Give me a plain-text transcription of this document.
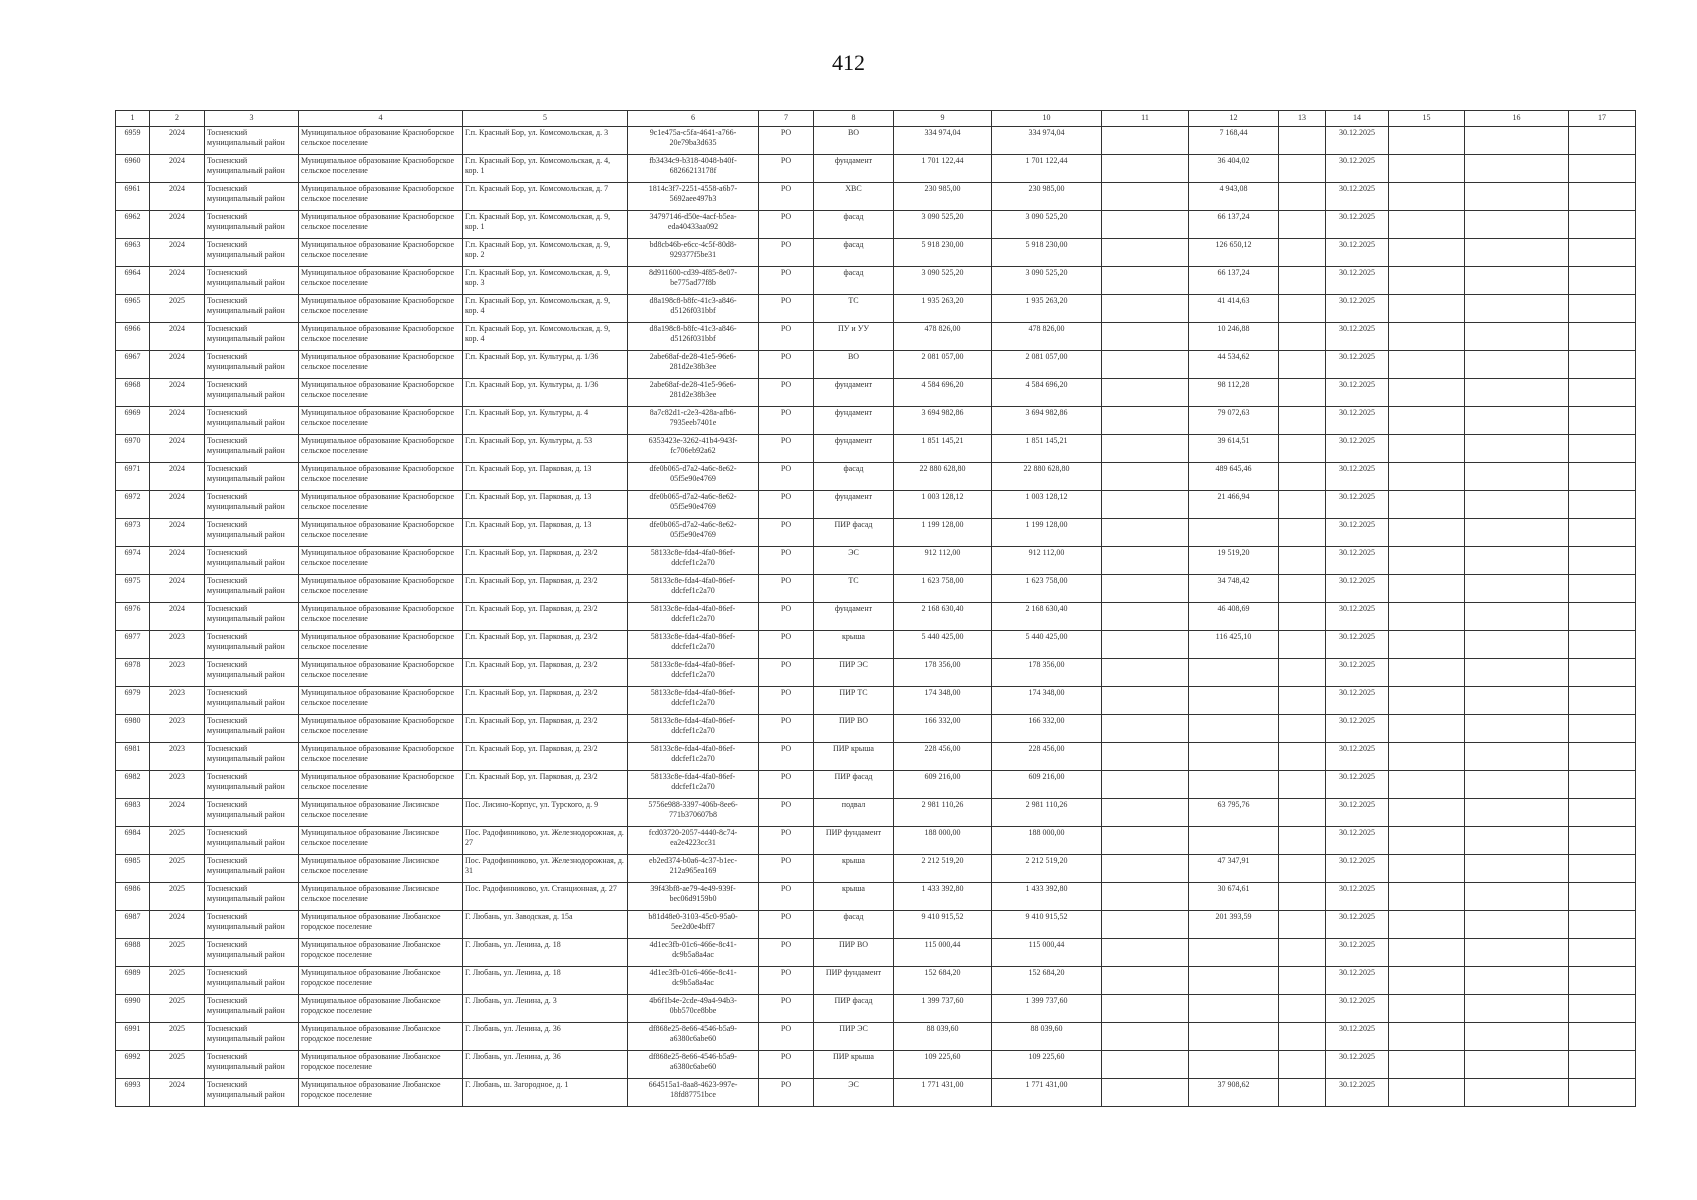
412
1	2	3	4	5	6	7	8	9	10	11	12	13	14	15	16	17
6959	2024	Тосненский муниципальный район	Муниципальное образование Красноборское сельское поселение	Г.п. Красный Бор, ул. Комсомольская, д. 3	9c1e475a-c5fa-4641-a766-20e79ba3d635	РО	ВО	334 974,04	334 974,04		7 168,44		30.12.2025			
6960	2024	Тосненский муниципальный район	Муниципальное образование Красноборское сельское поселение	Г.п. Красный Бор, ул. Комсомольская, д. 4, кор. 1	fb3434c9-b318-4048-b40f-68266213178f	РО	фундамент	1 701 122,44	1 701 122,44		36 404,02		30.12.2025			
6961	2024	Тосненский муниципальный район	Муниципальное образование Красноборское сельское поселение	Г.п. Красный Бор, ул. Комсомольская, д. 7	1814c3f7-2251-4558-a6b7-5692aee497b3	РО	ХВС	230 985,00	230 985,00		4 943,08		30.12.2025			
6962	2024	Тосненский муниципальный район	Муниципальное образование Красноборское сельское поселение	Г.п. Красный Бор, ул. Комсомольская, д. 9, кор. 1	34797146-d50e-4acf-b5ea-eda40433aa092	РО	фасад	3 090 525,20	3 090 525,20		66 137,24		30.12.2025			
6963	2024	Тосненский муниципальный район	Муниципальное образование Красноборское сельское поселение	Г.п. Красный Бор, ул. Комсомольская, д. 9, кор. 2	bd8cb46b-e6cc-4c5f-80d8-929377f5be31	РО	фасад	5 918 230,00	5 918 230,00		126 650,12		30.12.2025			
6964	2024	Тосненский муниципальный район	Муниципальное образование Красноборское сельское поселение	Г.п. Красный Бор, ул. Комсомольская, д. 9, кор. 3	8d911600-cd39-4f85-8e07-be775ad77f8b	РО	фасад	3 090 525,20	3 090 525,20		66 137,24		30.12.2025			
6965	2025	Тосненский муниципальный район	Муниципальное образование Красноборское сельское поселение	Г.п. Красный Бор, ул. Комсомольская, д. 9, кор. 4	d8a198c8-b8fc-41c3-a846-d5126f031bbf	РО	ТС	1 935 263,20	1 935 263,20		41 414,63		30.12.2025			
6966	2024	Тосненский муниципальный район	Муниципальное образование Красноборское сельское поселение	Г.п. Красный Бор, ул. Комсомольская, д. 9, кор. 4	d8a198c8-b8fc-41c3-a846-d5126f031bbf	РО	ПУ и УУ	478 826,00	478 826,00		10 246,88		30.12.2025			
6967	2024	Тосненский муниципальный район	Муниципальное образование Красноборское сельское поселение	Г.п. Красный Бор, ул. Культуры, д. 1/36	2abe68af-de28-41e5-96e6-281d2e38b3ee	РО	ВО	2 081 057,00	2 081 057,00		44 534,62		30.12.2025			
6968	2024	Тосненский муниципальный район	Муниципальное образование Красноборское сельское поселение	Г.п. Красный Бор, ул. Культуры, д. 1/36	2abe68af-de28-41e5-96e6-281d2e38b3ee	РО	фундамент	4 584 696,20	4 584 696,20		98 112,28		30.12.2025			
6969	2024	Тосненский муниципальный район	Муниципальное образование Красноборское сельское поселение	Г.п. Красный Бор, ул. Культуры, д. 4	8a7c82d1-c2e3-428a-afb6-7935eeb7401e	РО	фундамент	3 694 982,86	3 694 982,86		79 072,63		30.12.2025			
6970	2024	Тосненский муниципальный район	Муниципальное образование Красноборское сельское поселение	Г.п. Красный Бор, ул. Культуры, д. 53	6353423e-3262-41b4-943f-fc706eb92a62	РО	фундамент	1 851 145,21	1 851 145,21		39 614,51		30.12.2025			
6971	2024	Тосненский муниципальный район	Муниципальное образование Красноборское сельское поселение	Г.п. Красный Бор, ул. Парковая, д. 13	dfe0b065-d7a2-4a6c-8e62-05f5e90e4769	РО	фасад	22 880 628,80	22 880 628,80		489 645,46		30.12.2025			
6972	2024	Тосненский муниципальный район	Муниципальное образование Красноборское сельское поселение	Г.п. Красный Бор, ул. Парковая, д. 13	dfe0b065-d7a2-4a6c-8e62-05f5e90e4769	РО	фундамент	1 003 128,12	1 003 128,12		21 466,94		30.12.2025			
6973	2024	Тосненский муниципальный район	Муниципальное образование Красноборское сельское поселение	Г.п. Красный Бор, ул. Парковая, д. 13	dfe0b065-d7a2-4a6c-8e62-05f5e90e4769	РО	ПИР фасад	1 199 128,00	1 199 128,00				30.12.2025			
6974	2024	Тосненский муниципальный район	Муниципальное образование Красноборское сельское поселение	Г.п. Красный Бор, ул. Парковая, д. 23/2	58133c8e-fda4-4fa0-86ef-ddcfef1c2a70	РО	ЭС	912 112,00	912 112,00		19 519,20		30.12.2025			
6975	2024	Тосненский муниципальный район	Муниципальное образование Красноборское сельское поселение	Г.п. Красный Бор, ул. Парковая, д. 23/2	58133c8e-fda4-4fa0-86ef-ddcfef1c2a70	РО	ТС	1 623 758,00	1 623 758,00		34 748,42		30.12.2025			
6976	2024	Тосненский муниципальный район	Муниципальное образование Красноборское сельское поселение	Г.п. Красный Бор, ул. Парковая, д. 23/2	58133c8e-fda4-4fa0-86ef-ddcfef1c2a70	РО	фундамент	2 168 630,40	2 168 630,40		46 408,69		30.12.2025			
6977	2023	Тосненский муниципальный район	Муниципальное образование Красноборское сельское поселение	Г.п. Красный Бор, ул. Парковая, д. 23/2	58133c8e-fda4-4fa0-86ef-ddcfef1c2a70	РО	крыша	5 440 425,00	5 440 425,00		116 425,10		30.12.2025			
6978	2023	Тосненский муниципальный район	Муниципальное образование Красноборское сельское поселение	Г.п. Красный Бор, ул. Парковая, д. 23/2	58133c8e-fda4-4fa0-86ef-ddcfef1c2a70	РО	ПИР ЭС	178 356,00	178 356,00				30.12.2025			
6979	2023	Тосненский муниципальный район	Муниципальное образование Красноборское сельское поселение	Г.п. Красный Бор, ул. Парковая, д. 23/2	58133c8e-fda4-4fa0-86ef-ddcfef1c2a70	РО	ПИР ТС	174 348,00	174 348,00				30.12.2025			
6980	2023	Тосненский муниципальный район	Муниципальное образование Красноборское сельское поселение	Г.п. Красный Бор, ул. Парковая, д. 23/2	58133c8e-fda4-4fa0-86ef-ddcfef1c2a70	РО	ПИР ВО	166 332,00	166 332,00				30.12.2025			
6981	2023	Тосненский муниципальный район	Муниципальное образование Красноборское сельское поселение	Г.п. Красный Бор, ул. Парковая, д. 23/2	58133c8e-fda4-4fa0-86ef-ddcfef1c2a70	РО	ПИР крыша	228 456,00	228 456,00				30.12.2025			
6982	2023	Тосненский муниципальный район	Муниципальное образование Красноборское сельское поселение	Г.п. Красный Бор, ул. Парковая, д. 23/2	58133c8e-fda4-4fa0-86ef-ddcfef1c2a70	РО	ПИР фасад	609 216,00	609 216,00				30.12.2025			
6983	2024	Тосненский муниципальный район	Муниципальное образование Лисинское сельское поселение	Пос. Лисино-Корпус, ул. Турского, д. 9	5756e988-3397-406b-8ee6-771b370607b8	РО	подвал	2 981 110,26	2 981 110,26		63 795,76		30.12.2025			
6984	2025	Тосненский муниципальный район	Муниципальное образование Лисинское сельское поселение	Пос. Радофинниково, ул. Железнодорожная, д. 27	fcd03720-2057-4440-8c74-ea2e4223cc31	РО	ПИР фундамент	188 000,00	188 000,00				30.12.2025			
6985	2025	Тосненский муниципальный район	Муниципальное образование Лисинское сельское поселение	Пос. Радофинниково, ул. Железнодорожная, д. 31	eb2ed374-b0a6-4c37-b1ec-212a965ea169	РО	крыша	2 212 519,20	2 212 519,20		47 347,91		30.12.2025			
6986	2025	Тосненский муниципальный район	Муниципальное образование Лисинское сельское поселение	Пос. Радофинниково, ул. Станционная, д. 27	39f43bf8-ae79-4e49-939f-bec06d9159b0	РО	крыша	1 433 392,80	1 433 392,80		30 674,61		30.12.2025			
6987	2024	Тосненский муниципальный район	Муниципальное образование Любанское городское поселение	Г. Любань, ул. Заводская, д. 15а	b81d48e0-3103-45c0-95a0-5ee2d0e4bff7	РО	фасад	9 410 915,52	9 410 915,52		201 393,59		30.12.2025			
6988	2025	Тосненский муниципальный район	Муниципальное образование Любанское городское поселение	Г. Любань, ул. Ленина, д. 18	4d1ec3fb-01c6-466e-8c41-dc9b5a8a4ac	РО	ПИР ВО	115 000,44	115 000,44				30.12.2025			
6989	2025	Тосненский муниципальный район	Муниципальное образование Любанское городское поселение	Г. Любань, ул. Ленина, д. 18	4d1ec3fb-01c6-466e-8c41-dc9b5a8a4ac	РО	ПИР фундамент	152 684,20	152 684,20				30.12.2025			
6990	2025	Тосненский муниципальный район	Муниципальное образование Любанское городское поселение	Г. Любань, ул. Ленина, д. 3	4b6f1b4e-2cde-49a4-94b3-0bb570ce8bbe	РО	ПИР фасад	1 399 737,60	1 399 737,60				30.12.2025			
6991	2025	Тосненский муниципальный район	Муниципальное образование Любанское городское поселение	Г. Любань, ул. Ленина, д. 36	df868e25-8e66-4546-b5a9-a6380c6abe60	РО	ПИР ЭС	88 039,60	88 039,60				30.12.2025			
6992	2025	Тосненский муниципальный район	Муниципальное образование Любанское городское поселение	Г. Любань, ул. Ленина, д. 36	df868e25-8e66-4546-b5a9-a6380c6abe60	РО	ПИР крыша	109 225,60	109 225,60				30.12.2025			
6993	2024	Тосненский муниципальный район	Муниципальное образование Любанское городское поселение	Г. Любань, ш. Загородное, д. 1	664515a1-8aa8-4623-997e-18fd87751bce	РО	ЭС	1 771 431,00	1 771 431,00		37 908,62		30.12.2025			
